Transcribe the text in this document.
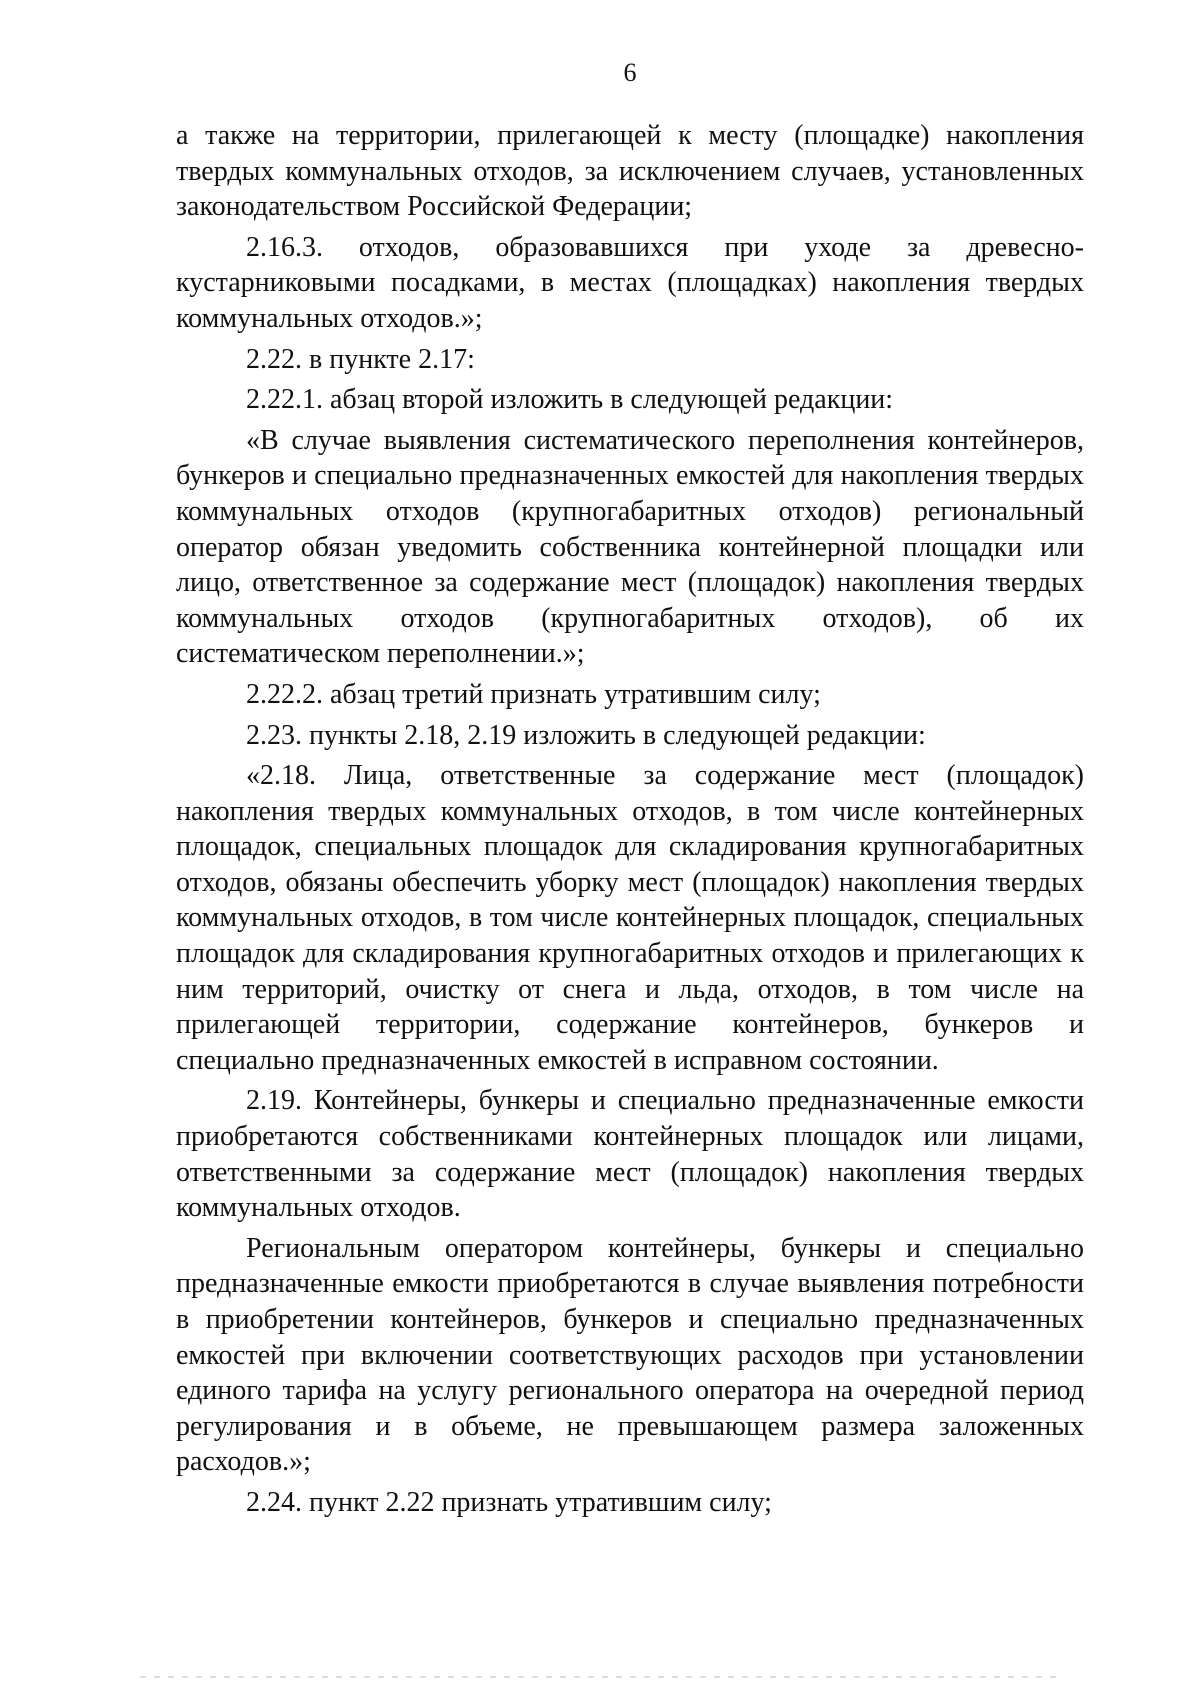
6

а также на территории, прилегающей к месту (площадке) накопления твердых коммунальных отходов, за исключением случаев, установленных законодательством Российской Федерации;

2.16.3. отходов, образовавшихся при уходе за древесно-кустарниковыми посадками, в местах (площадках) накопления твердых коммунальных отходов.»;

2.22. в пункте 2.17:

2.22.1. абзац второй изложить в следующей редакции:

«В случае выявления систематического переполнения контейнеров, бункеров и специально предназначенных емкостей для накопления твердых коммунальных отходов (крупногабаритных отходов) региональный оператор обязан уведомить собственника контейнерной площадки или лицо, ответственное за содержание мест (площадок) накопления твердых коммунальных отходов (крупногабаритных отходов), об их систематическом переполнении.»;

2.22.2. абзац третий признать утратившим силу;

2.23. пункты 2.18, 2.19 изложить в следующей редакции:

«2.18. Лица, ответственные за содержание мест (площадок) накопления твердых коммунальных отходов, в том числе контейнерных площадок, специальных площадок для складирования крупногабаритных отходов, обязаны обеспечить уборку мест (площадок) накопления твердых коммунальных отходов, в том числе контейнерных площадок, специальных площадок для складирования крупногабаритных отходов и прилегающих к ним территорий, очистку от снега и льда, отходов, в том числе на прилегающей территории, содержание контейнеров, бункеров и специально предназначенных емкостей в исправном состоянии.

2.19. Контейнеры, бункеры и специально предназначенные емкости приобретаются собственниками контейнерных площадок или лицами, ответственными за содержание мест (площадок) накопления твердых коммунальных отходов.

Региональным оператором контейнеры, бункеры и специально предназначенные емкости приобретаются в случае выявления потребности в приобретении контейнеров, бункеров и специально предназначенных емкостей при включении соответствующих расходов при установлении единого тарифа на услугу регионального оператора на очередной период регулирования и в объеме, не превышающем размера заложенных расходов.»;

2.24. пункт 2.22 признать утратившим силу;
